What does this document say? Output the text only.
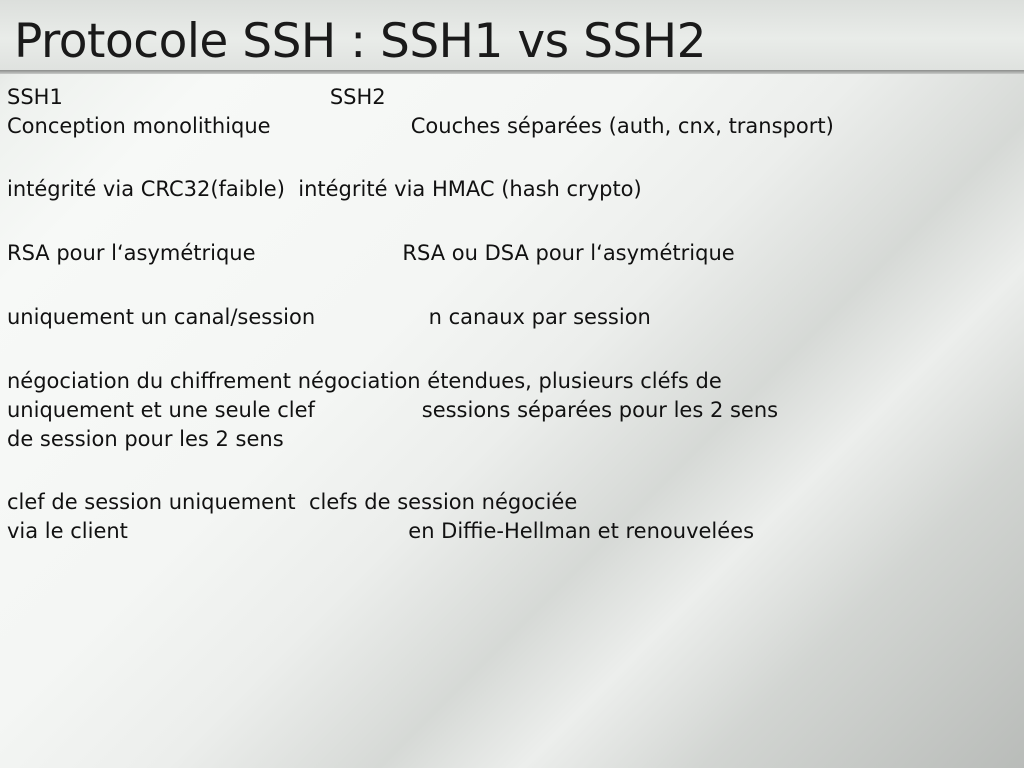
Protocole SSH : SSH1 vs SSH2
SSH1                                        SSH2
Conception monolithique                     Couches séparées (auth, cnx, transport)
intégrité via CRC32(faible)  intégrité via HMAC (hash crypto)
RSA pour l‘asymétrique                      RSA ou DSA pour l‘asymétrique
uniquement un canal/session                 n canaux par session
négociation du chiffrement négociation étendues, plusieurs cléfs de
uniquement et une seule clef                sessions séparées pour les 2 sens
de session pour les 2 sens
clef de session uniquement  clefs de session négociée
via le client                                          en Diffie-Hellman et renouvelées
